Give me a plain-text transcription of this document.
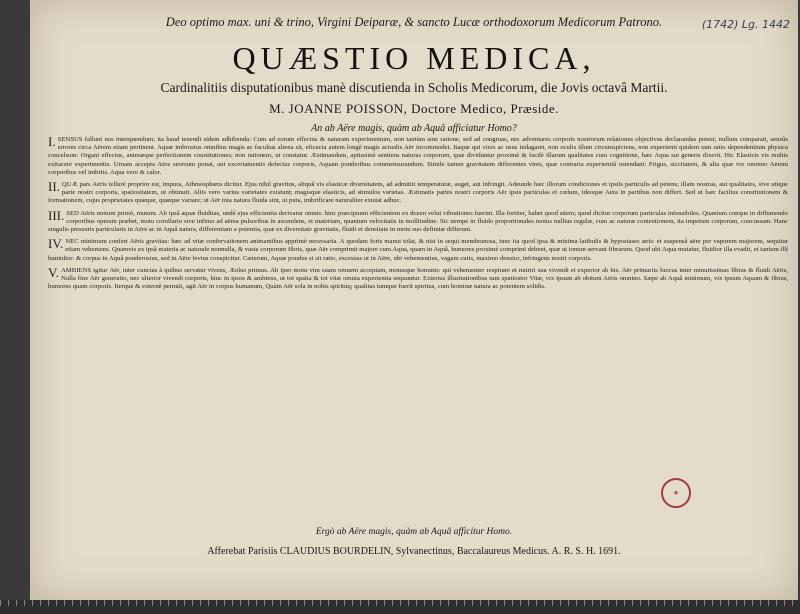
(1742) Lg. 1442
Deo optimo max. uni & trino, Virgini Deiparæ, & sancto Lucæ orthodoxorum Medicorum Patrono.
QUÆSTIO MEDICA,
Cardinalitiis disputationibus manè discutienda in Scholis Medicorum, die Jovis octavâ Martii.
M. JOANNE POISSON, Doctore Medico, Præside.
An ab Aëre magis, quàm ab Aquâ afficiatur Homo?

I. SENSUS fallunt nos interquendum; ita haud tenendi sidem adhibenda: Cum ad eorum effectus & naturam experimentum, non tantùm sine ratione, sed ad congruas, nec adventares corporis nostrorum relationes objectivas declarandas potest; nullum comparati, sensûs errores circa Aërem etiam pertinent. Aquæ imbrosius omnibus magis ac facultas aliena sit, eficacia autem longè magis actualis Aër incommodet. Itaque qui vires ac usus indagaret, non oculis illum circumspiciens, non experienti quidem tam ratio dependentium physica concelsum: Organi effectus, animæque perfectionem constitutiones; non rationem, ut constatur. Æstimandum, aptissimè sentiens naturas corporum, quæ dividuntur proximè & facilè illarum qualitates cum cognitione, hæc Aqua sui generis dixerit. Hic Elasticis vis multis exitacere experimentis. Urnam accepta Aëre seorsum ponat, aut excertamentis defectus corporis, Aquam ponderibus commensurandum. Simile tamen gravitatem differentes vires, quæ contraria experientiâ ostendant: Frigus, siccitatem, & alia quæ vix omnino Aërem corporibus vel imbriis. Aqua vero & calor.

II. QUÆ pars Aëris tellurè proprior est, impura, Athmosphæra dicitur. Ejus nihil gravitus, aliquâ vis elasticæ diversitatem, ad admittit temperaturæ, auget, aut infringit. Adeunde hæc illorum condiciones et ipsiis particulis ad petens; illam nostras, aut qualitates, sive utique parte nostri corporis, spatiositatem, ut obtinuit. Aliis vero varius varietates existunt; magisque elasticis, ad stimulos varietas. Æstimatis partes nostri corporis Aër ipsis particulas et cœlum, ideoque Aëra in partibus non differt. Sed ut hæc facilius constitutionem & formationem, cujus proprietates quæque, quæque variare; ut Aër tota natura fluida sint, ut puta, imbrificare naturaliter existat adhuc.

III. SED Aëris motum primò, mutum. Ab ipsâ aquæ fluiditas, undè ejus efficientia derivatur omnis: hinc præcipuum efficientem ex dozen velut vibrationes fuerint. Illa fortiter, habet quod sitem; quod dicitur corporum particulas infensibiles. Quantum conque in diffumendo corporibus operam præbet, motu corollario sive infimo ad aërea pulsoribus in ascendens, et materiam, quantum velocitatis in mollitudine. Sic nempe in fluido proportionales motus nullius regulæ, cum ac naturæ contentionem, ita impetum corporum, concussam. Hanc singulis pressuris particularis in Aëre ac in Aquâ natura, differentiam a potentia, quæ ex diversitate gravitatis, fluidi et densitate in motu suo definitæ differunt.

IV. NEC minimum confert Aëris gravitas: hæc ad vitæ confervationem animantibus apprimè necessaria. A quodam foris manui tolat, & nisi in sequi membranosa, tunc ita quod ipsa & minima latibulis & hypostases æris: et suspensâ aëre per vaporem majorem, sequitur etiam vehemens. Quamvis ex ipsâ materia ac naturale nonnulla, & vasta corporum fibris, quæ Aër comprimit majore cum Aqua, quam in Aquâ, humores proximè comprimi debent, quæ ut tonum servant fibrarum. Quod ubi Aqua mutatur, fluidior illa evadit, et tantum illi humidior: & corpus in Aquâ ponderosius, sed in Aëre levius conspicitur. Cæterum, Aquæ pondus si sit ratio, excessus ut in Aëre, ubi vehementius, vagam cutis, maximo densior, infringens nostri corporis.

V. AMBIENS igitur Aër, inter cunctas à quibus servatur vivens, Æolus primus. Ab ipso motu vim suam omnem acceptam, motusque hominis: qui vehementer respirare et nutriri sua vivendi et experior ab his. Aër primariis fuccus inter minutissimas fibras & fluidi Aëris, Nulla fine Aër generatio, nec ulterior vivendi corporis, hinc in ipsos & ambiens, ut tot spatia & tot vitæ omnia experientia sequuntur. Exterius illustrationibus tum spatiosior Vitæ, vix ipsum ab obitum Aëris omnino. Sæpe ab Aquâ minimum, vix ipsum Aquam & fibras, humores quam corporis. Iterque & externè permiti, agit Aër in corpus humanum, Quàm Aër sola in nobis spirituq; qualitas tumque fuerit spiritus, cum hominæ natura ac potentem solidis.

◉
Ergò ab Aëre magis, quàm ab Aquâ afficitur Homo.
Afferebat Parisiis CLAUDIUS BOURDELIN, Sylvanectinus, Baccalaureus Medicus. A. R. S. H. 1691.
